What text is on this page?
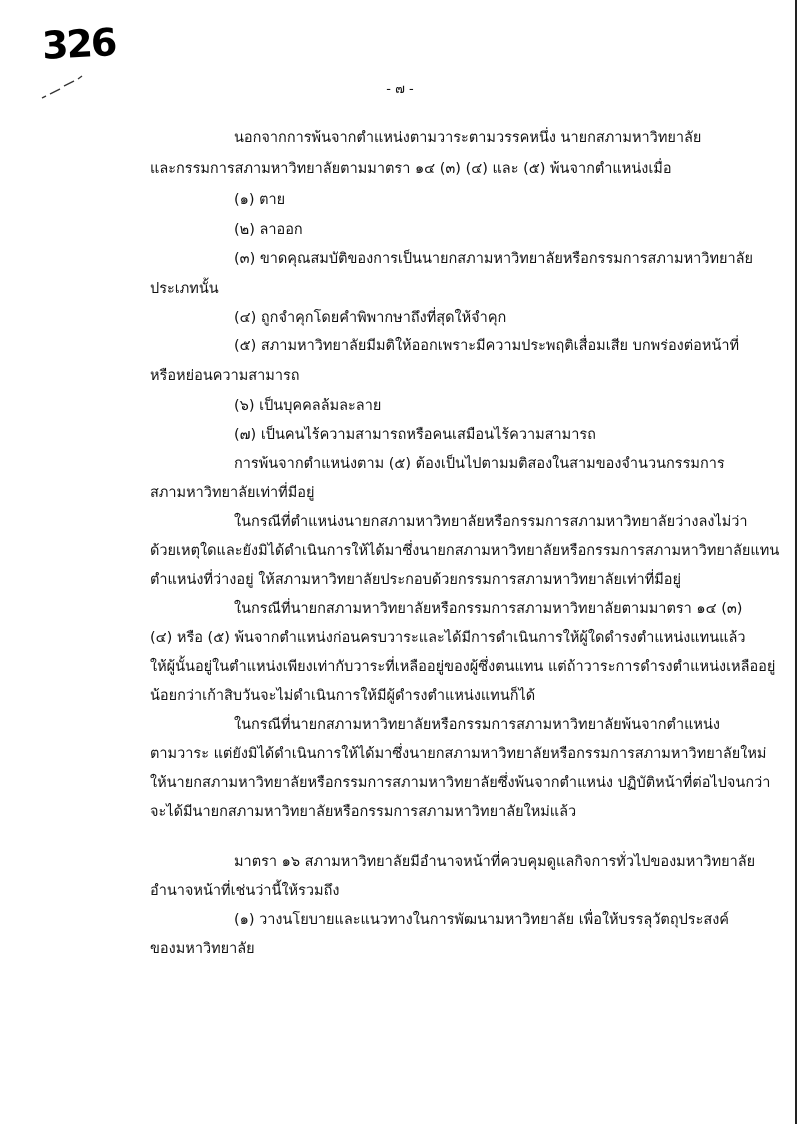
326
- ๗ -
นอกจากการพ้นจากตำแหน่งตามวาระตามวรรคหนึ่ง นายกสภามหาวิทยาลัย
และกรรมการสภามหาวิทยาลัยตามมาตรา ๑๔ (๓) (๔) และ (๕) พ้นจากตำแหน่งเมื่อ
(๑) ตาย
(๒) ลาออก
(๓) ขาดคุณสมบัติของการเป็นนายกสภามหาวิทยาลัยหรือกรรมการสภามหาวิทยาลัย
ประเภทนั้น
(๔) ถูกจำคุกโดยคำพิพากษาถึงที่สุดให้จำคุก
(๕) สภามหาวิทยาลัยมีมติให้ออกเพราะมีความประพฤติเสื่อมเสีย บกพร่องต่อหน้าที่
หรือหย่อนความสามารถ
(๖) เป็นบุคคลล้มละลาย
(๗) เป็นคนไร้ความสามารถหรือคนเสมือนไร้ความสามารถ
การพ้นจากตำแหน่งตาม (๕) ต้องเป็นไปตามมติสองในสามของจำนวนกรรมการ
สภามหาวิทยาลัยเท่าที่มีอยู่
ในกรณีที่ตำแหน่งนายกสภามหาวิทยาลัยหรือกรรมการสภามหาวิทยาลัยว่างลงไม่ว่า
ด้วยเหตุใดและยังมิได้ดำเนินการให้ได้มาซึ่งนายกสภามหาวิทยาลัยหรือกรรมการสภามหาวิทยาลัยแทน
ตำแหน่งที่ว่างอยู่ ให้สภามหาวิทยาลัยประกอบด้วยกรรมการสภามหาวิทยาลัยเท่าที่มีอยู่
ในกรณีที่นายกสภามหาวิทยาลัยหรือกรรมการสภามหาวิทยาลัยตามมาตรา ๑๔ (๓)
(๔) หรือ (๕) พ้นจากตำแหน่งก่อนครบวาระและได้มีการดำเนินการให้ผู้ใดดำรงตำแหน่งแทนแล้ว
ให้ผู้นั้นอยู่ในตำแหน่งเพียงเท่ากับวาระที่เหลืออยู่ของผู้ซึ่งตนแทน แต่ถ้าวาระการดำรงตำแหน่งเหลืออยู่
น้อยกว่าเก้าสิบวันจะไม่ดำเนินการให้มีผู้ดำรงตำแหน่งแทนก็ได้
ในกรณีที่นายกสภามหาวิทยาลัยหรือกรรมการสภามหาวิทยาลัยพ้นจากตำแหน่ง
ตามวาระ แต่ยังมิได้ดำเนินการให้ได้มาซึ่งนายกสภามหาวิทยาลัยหรือกรรมการสภามหาวิทยาลัยใหม่
ให้นายกสภามหาวิทยาลัยหรือกรรมการสภามหาวิทยาลัยซึ่งพ้นจากตำแหน่ง ปฏิบัติหน้าที่ต่อไปจนกว่า
จะได้มีนายกสภามหาวิทยาลัยหรือกรรมการสภามหาวิทยาลัยใหม่แล้ว
มาตรา ๑๖ สภามหาวิทยาลัยมีอำนาจหน้าที่ควบคุมดูแลกิจการทั่วไปของมหาวิทยาลัย
อำนาจหน้าที่เช่นว่านี้ให้รวมถึง
(๑) วางนโยบายและแนวทางในการพัฒนามหาวิทยาลัย เพื่อให้บรรลุวัตถุประสงค์
ของมหาวิทยาลัย
